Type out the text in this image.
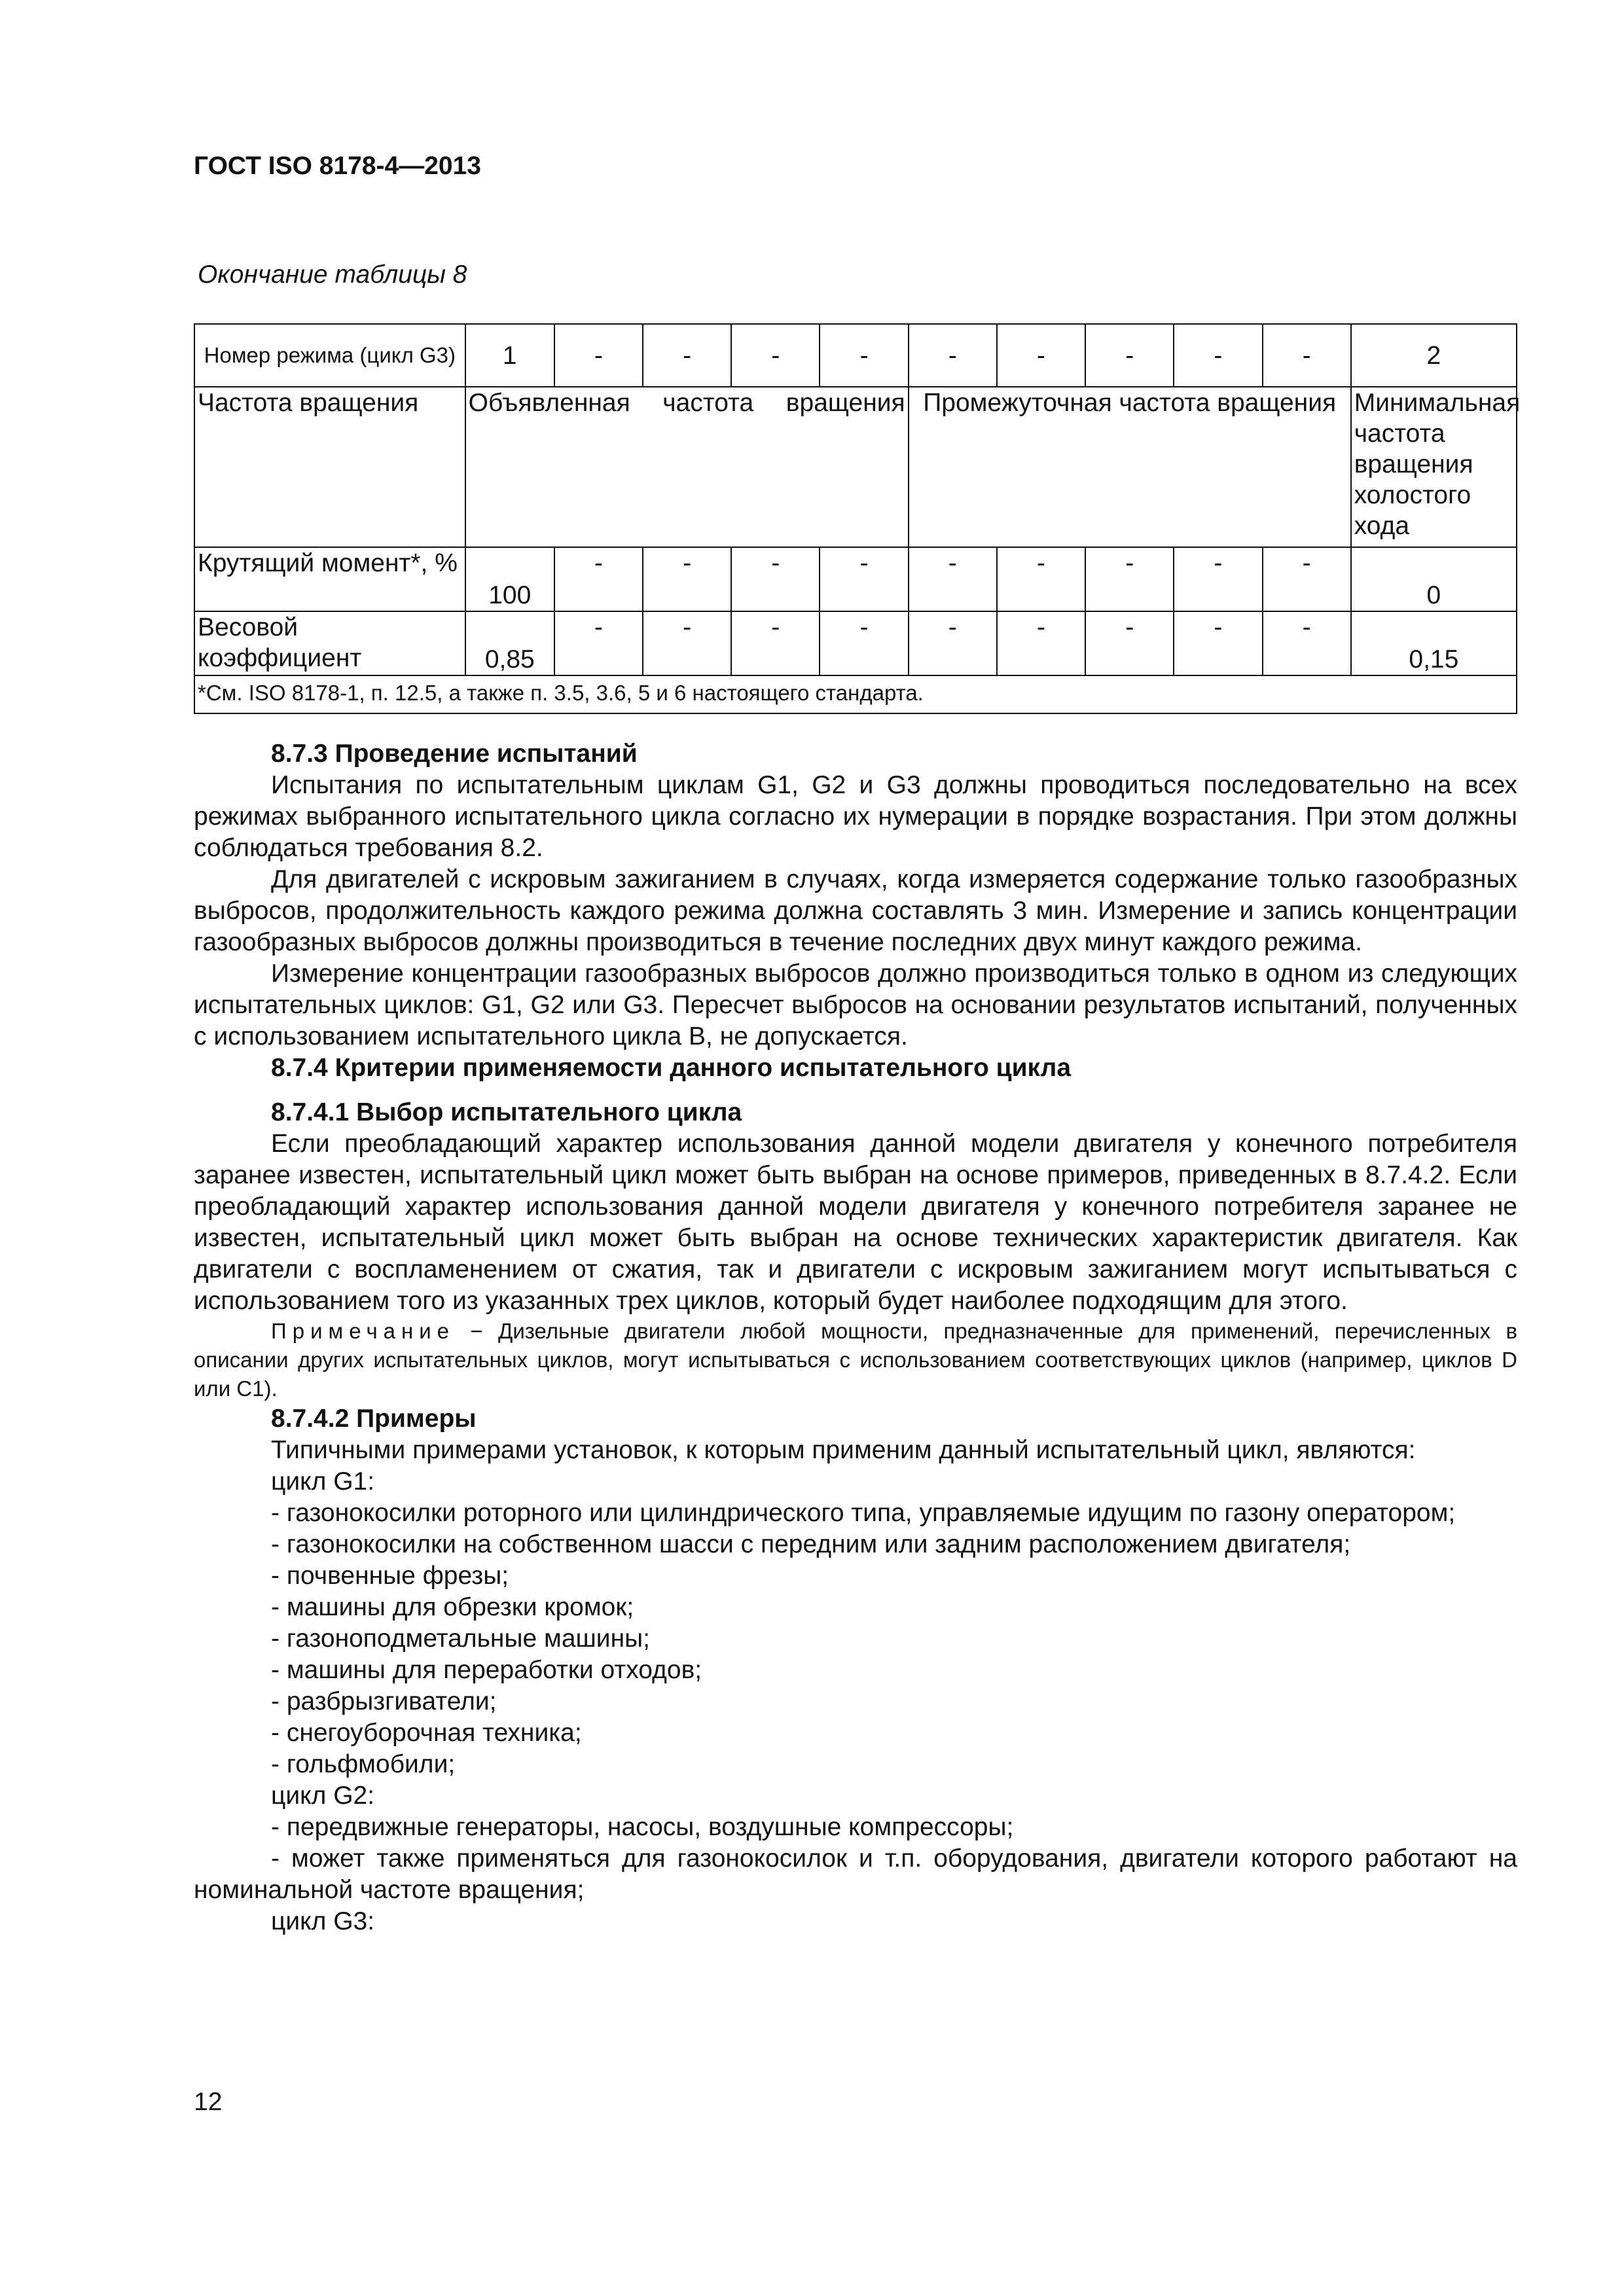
ГОСТ ISO 8178-4—2013
Окончание таблицы 8
Номер режима (цикл G3)	1	-	-	-	-	-	-	-	-	-	2
Частота вращения	Объявленная частота вращения					Промежуточная частота вращения					Минимальная частота вращения холостого хода
Крутящий момент*, %	100	-	-	-	-	-	-	-	-	-	0
Весовой коэффициент	0,85	-	-	-	-	-	-	-	-	-	0,15
*См. ISO 8178-1, п. 12.5, а также п. 3.5, 3.6, 5 и 6 настоящего стандарта.											

8.7.3 Проведение испытаний

Испытания по испытательным циклам G1, G2 и G3 должны проводиться последовательно на всех режимах выбранного испытательного цикла согласно их нумерации в порядке возрастания. При этом должны соблюдаться требования 8.2.

Для двигателей с искровым зажиганием в случаях, когда измеряется содержание только газообразных выбросов, продолжительность каждого режима должна составлять 3 мин. Измерение и запись концентрации газообразных выбросов должны производиться в течение последних двух минут каждого режима.

Измерение концентрации газообразных выбросов должно производиться только в одном из следующих испытательных циклов: G1, G2 или G3. Пересчет выбросов на основании результатов испытаний, полученных с использованием испытательного цикла В, не допускается.

8.7.4 Критерии применяемости данного испытательного цикла

8.7.4.1 Выбор испытательного цикла

Если преобладающий характер использования данной модели двигателя у конечного потребителя заранее известен, испытательный цикл может быть выбран на основе примеров, приведенных в 8.7.4.2. Если преобладающий характер использования данной модели двигателя у конечного потребителя заранее не известен, испытательный цикл может быть выбран на основе технических характеристик двигателя. Как двигатели с воспламенением от сжатия, так и двигатели с искровым зажиганием могут испытываться с использованием того из указанных трех циклов, который будет наиболее подходящим для этого.

Примечание − Дизельные двигатели любой мощности, предназначенные для применений, перечисленных в описании других испытательных циклов, могут испытываться с использованием соответствующих циклов (например, циклов D или C1).

8.7.4.2 Примеры

Типичными примерами установок, к которым применим данный испытательный цикл, являются:

цикл G1:

- газонокосилки роторного или цилиндрического типа, управляемые идущим по газону оператором;

- газонокосилки на собственном шасси с передним или задним расположением двигателя;

- почвенные фрезы;

- машины для обрезки кромок;

- газоноподметальные машины;

- машины для переработки отходов;

- разбрызгиватели;

- снегоуборочная техника;

- гольфмобили;

цикл G2:

- передвижные генераторы, насосы, воздушные компрессоры;

- может также применяться для газонокосилок и т.п. оборудования, двигатели которого работают на номинальной частоте вращения;

цикл G3:

12
